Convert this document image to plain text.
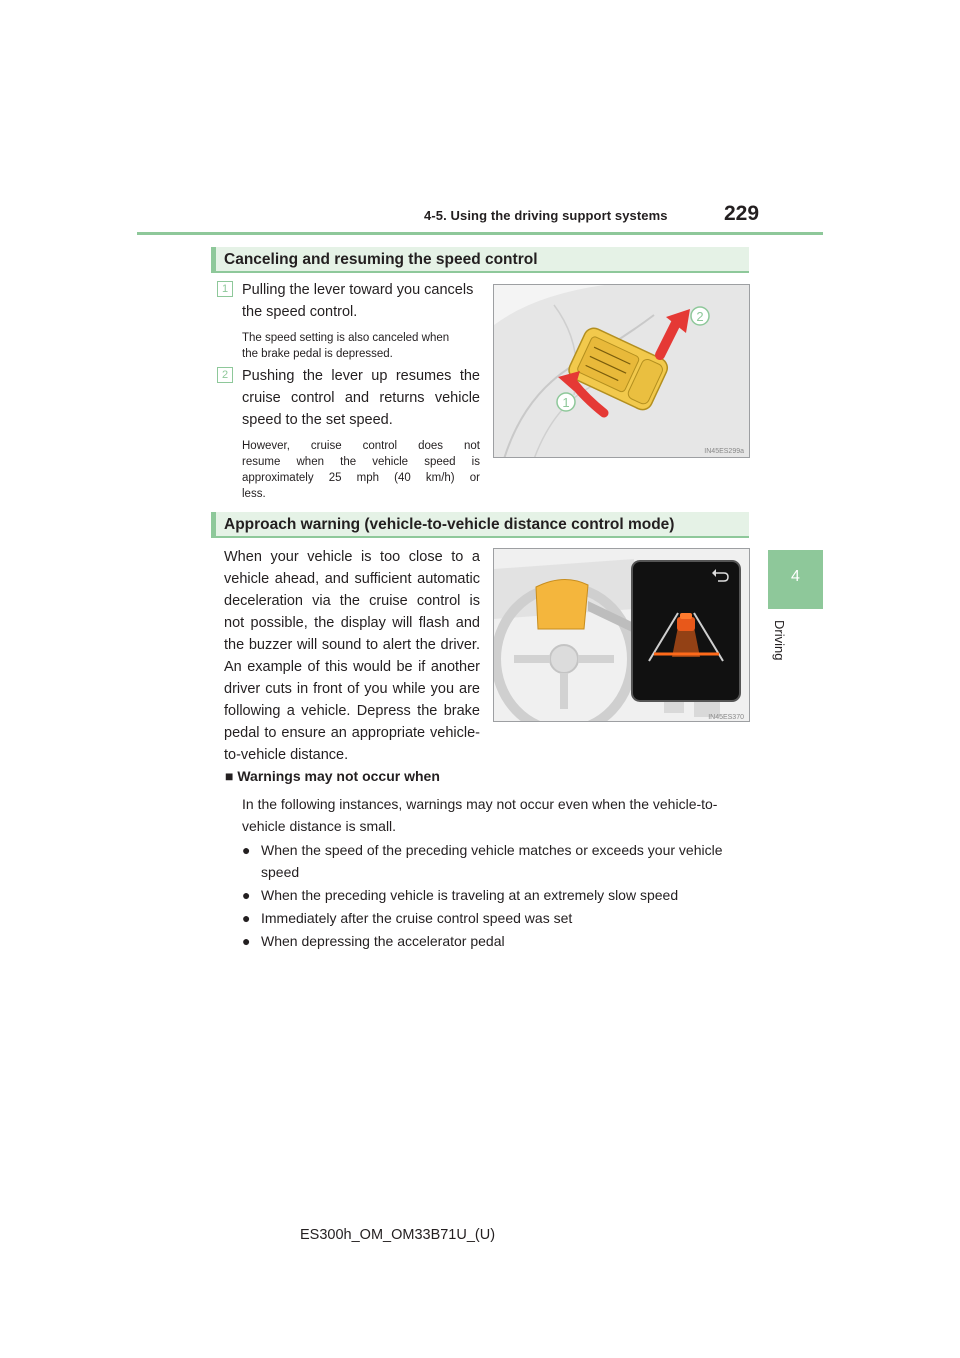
4-5. Using the driving support systems	229
4
Driving
Canceling and resuming the speed control
1 Pulling the lever toward you cancels
the speed control.
The speed setting is also canceled when
the brake pedal is depressed.
2 Pushing the lever up resumes the
cruise control and returns vehicle
speed to the set speed.
However, cruise control does not
resume when the vehicle speed is
approximately 25 mph (40 km/h) or
less.
1
2
IN45ES299a
Approach warning (vehicle-to-vehicle distance control mode)
When your vehicle is too close to a
vehicle ahead, and sufficient automatic
deceleration via the cruise control is
not possible, the display will flash and
the buzzer will sound to alert the driver.
An example of this would be if another
driver cuts in front of you while you are
following a vehicle. Depress the brake
pedal to ensure an appropriate vehicle-
to-vehicle distance.
IN45ES370
■ Warnings may not occur when
In the following instances, warnings may not occur even when the vehicle-to-
vehicle distance is small.
● When the speed of the preceding vehicle matches or exceeds your vehicle
speed
● When the preceding vehicle is traveling at an extremely slow speed
● Immediately after the cruise control speed was set
● When depressing the accelerator pedal
ES300h_OM_OM33B71U_(U)
